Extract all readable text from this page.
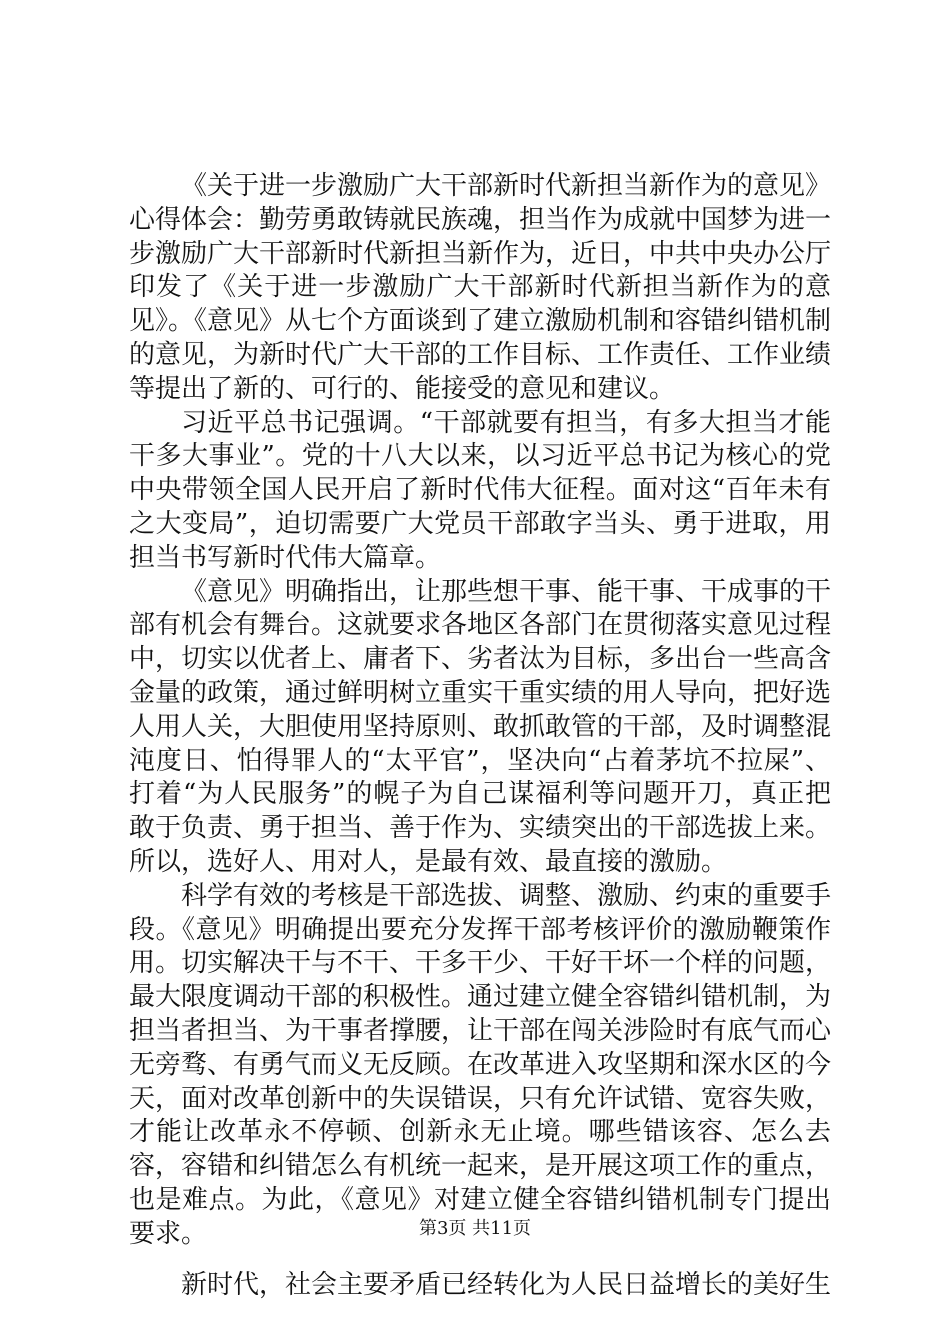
《关于进一步激励广大干部新时代新担当新作为的意见》心得体会：勤劳勇敢铸就民族魂，担当作为成就中国梦为进一步激励广大干部新时代新担当新作为，近日，中共中央办公厅印发了《关于进一步激励广大干部新时代新担当新作为的意见》。《意见》从七个方面谈到了建立激励机制和容错纠错机制的意见，为新时代广大干部的工作目标、工作责任、工作业绩等提出了新的、可行的、能接受的意见和建议。

习近平总书记强调。“干部就要有担当，有多大担当才能干多大事业”。党的十八大以来，以习近平总书记为核心的党中央带领全国人民开启了新时代伟大征程。面对这“百年未有之大变局”，迫切需要广大党员干部敢字当头、勇于进取，用担当书写新时代伟大篇章。

《意见》明确指出，让那些想干事、能干事、干成事的干部有机会有舞台。这就要求各地区各部门在贯彻落实意见过程中，切实以优者上、庸者下、劣者汰为目标，多出台一些高含金量的政策，通过鲜明树立重实干重实绩的用人导向，把好选人用人关，大胆使用坚持原则、敢抓敢管的干部，及时调整混沌度日、怕得罪人的“太平官”，坚决向“占着茅坑不拉屎”、打着“为人民服务”的幌子为自己谋福利等问题开刀，真正把敢于负责、勇于担当、善于作为、实绩突出的干部选拔上来。所以，选好人、用对人，是最有效、最直接的激励。

科学有效的考核是干部选拔、调整、激励、约束的重要手段。《意见》明确提出要充分发挥干部考核评价的激励鞭策作用。切实解决干与不干、干多干少、干好干坏一个样的问题，最大限度调动干部的积极性。通过建立健全容错纠错机制，为担当者担当、为干事者撑腰，让干部在闯关涉险时有底气而心无旁骛、有勇气而义无反顾。在改革进入攻坚期和深水区的今天，面对改革创新中的失误错误，只有允许试错、宽容失败，才能让改革永不停顿、创新永无止境。哪些错该容、怎么去容，容错和纠错怎么有机统一起来，是开展这项工作的重点，也是难点。为此，《意见》对建立健全容错纠错机制专门提出要求。

新时代，社会主要矛盾已经转化为人民日益增长的美好生

第3页 共11页
